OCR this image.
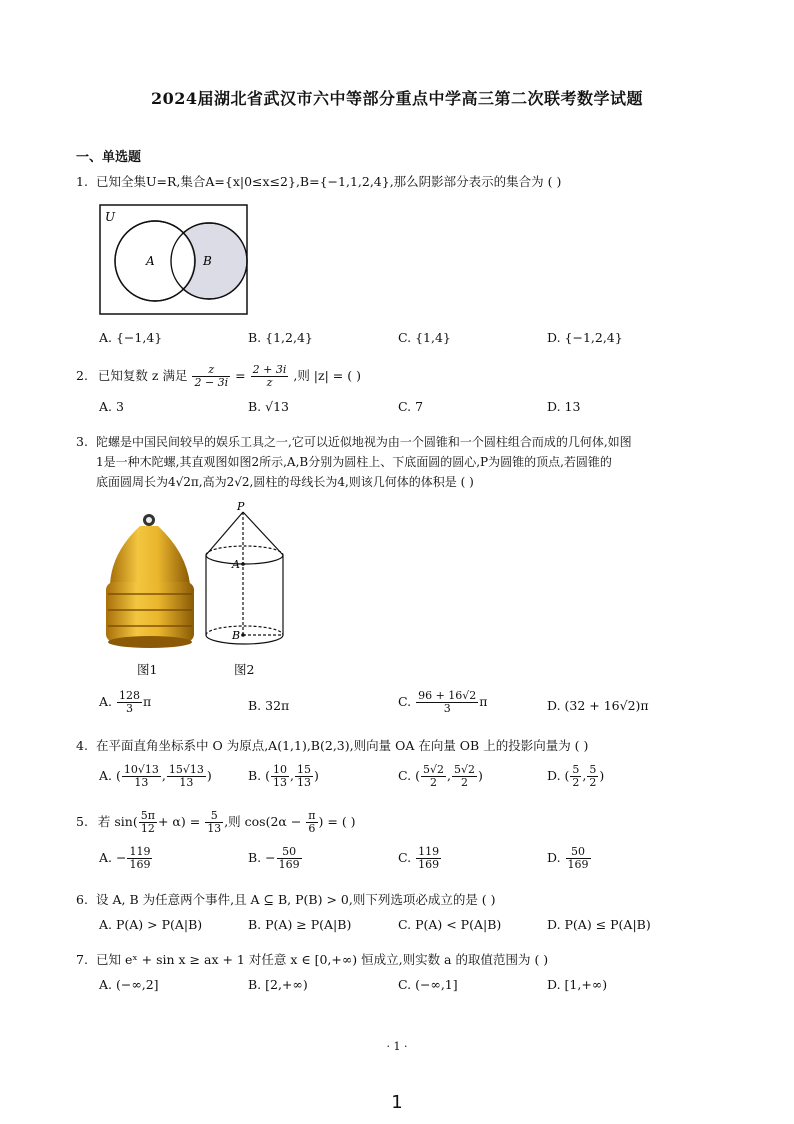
2024届湖北省武汉市六中等部分重点中学高三第二次联考数学试题
一、单选题
1. 已知全集U=R,集合A={x|0≤x≤2},B={−1,1,2,4},那么阴影部分表示的集合为 ( )
U
A	B
A. {−1,4}	B. {1,2,4}	C. {1,4}	D. {−1,2,4}
2. 已知复数 z 满足 $\frac{z}{2 - 3i} = \frac{2 + 3i}{z}$ ,则 |z| = ( )
A. 3	B. √13	C. 7	D. 13
3. 陀螺是中国民间较早的娱乐工具之一,它可以近似地视为由一个圆锥和一个圆柱组合而成的几何体,如图
1是一种木陀螺,其直观图如图2所示,A,B分别为圆柱上、下底面圆的圆心,P为圆锥的顶点,若圆锥的
底面圆周长为4√2π,高为2√2,圆柱的母线长为4,则该几何体的体积是 ( )
图1
P
A
B
图2
A. $\frac{128}{3}$ π	B. 32π	C. $\frac{96 + 16√2}{3}$ π	D. (32 + 16√2)π
4. 在平面直角坐标系中 O 为原点,A(1,1),B(2,3),则向量 OA 在向量 OB 上的投影向量为 ( )
A. ( $\frac{10√13}{13}$ , $\frac{15√13}{13}$ )	B. ( $\frac{10}{13}$ , $\frac{15}{13}$ )	C. ( $\frac{5√2}{2}$ , $\frac{5√2}{2}$ )	D. ( $\frac{5}{2}$ , $\frac{5}{2}$ )
5. 若 $\sin( \frac{5\pi}{12} + \alpha) = \frac{5}{13}$ ,则 $\cos(2\alpha - \frac{\pi}{6}$ ) = ( )
A. − $\frac{119}{169}$	B. − $\frac{50}{169}$	C. $\frac{119}{169}$	D. $\frac{50}{169}$
6. 设 A, B 为任意两个事件,且 A ⊆ B, P(B) > 0,则下列选项必成立的是 ( )
A. P(A) > P(A|B)	B. P(A) ≥ P(A|B)	C. P(A) < P(A|B)	D. P(A) ≤ P(A|B)
7. 已知 eˣ + sin x ≥ ax + 1 对任意 x ∈ [0,+∞) 恒成立,则实数 a 的取值范围为 ( )
A. (−∞,2]	B. [2,+∞)	C. (−∞,1]	D. [1,+∞)
· 1 ·
1
